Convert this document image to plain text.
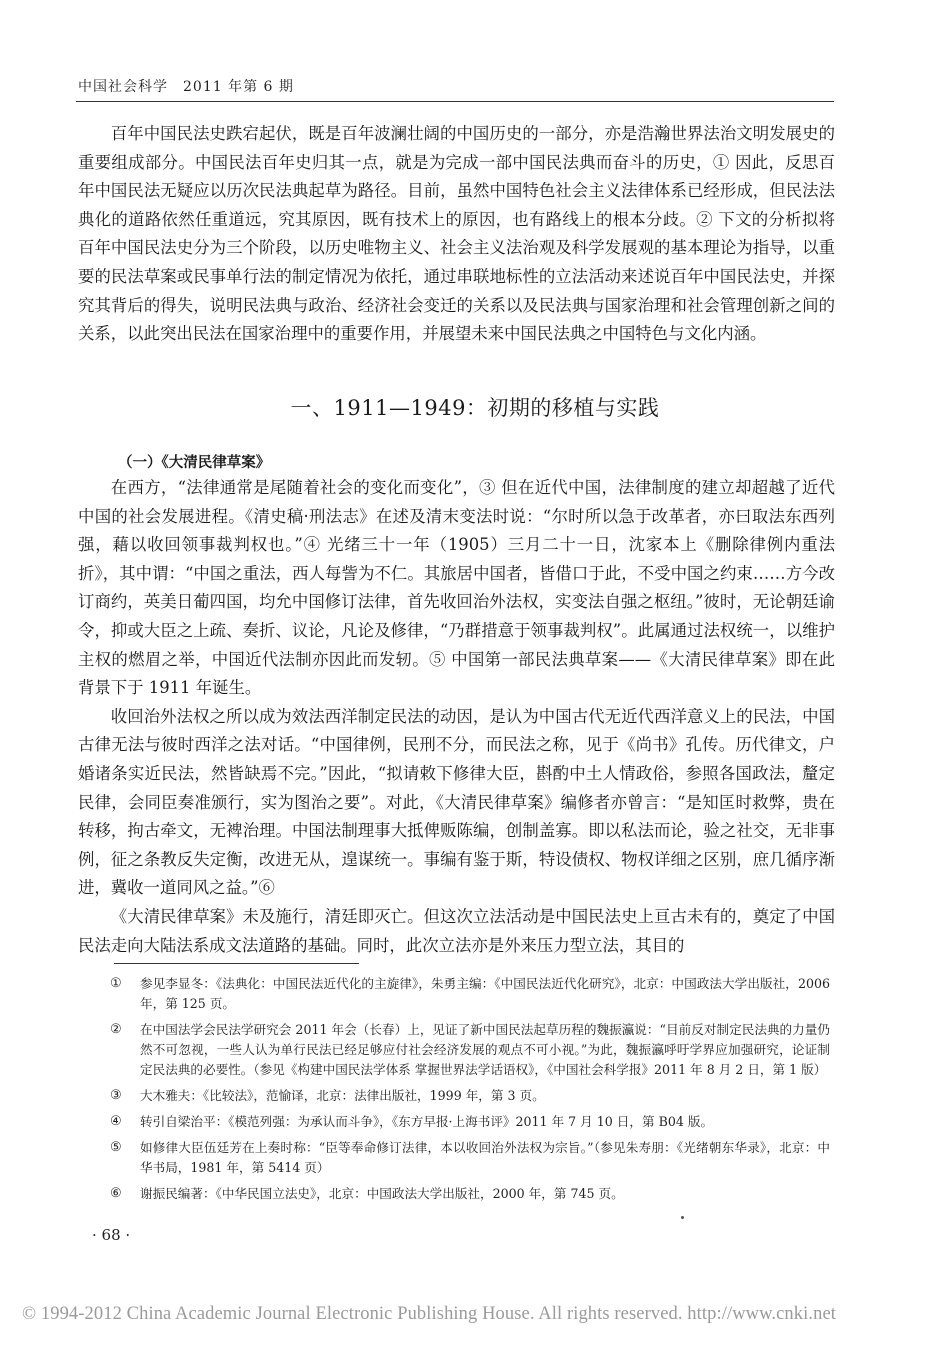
中国社会科学　2011 年第 6 期

百年中国民法史跌宕起伏，既是百年波澜壮阔的中国历史的一部分，亦是浩瀚世界法治文明发展史的重要组成部分。中国民法百年史归其一点，就是为完成一部中国民法典而奋斗的历史，① 因此，反思百年中国民法无疑应以历次民法典起草为路径。目前，虽然中国特色社会主义法律体系已经形成，但民法法典化的道路依然任重道远，究其原因，既有技术上的原因，也有路线上的根本分歧。② 下文的分析拟将百年中国民法史分为三个阶段，以历史唯物主义、社会主义法治观及科学发展观的基本理论为指导，以重要的民法草案或民事单行法的制定情况为依托，通过串联地标性的立法活动来述说百年中国民法史，并探究其背后的得失，说明民法典与政治、经济社会变迁的关系以及民法典与国家治理和社会管理创新之间的关系，以此突出民法在国家治理中的重要作用，并展望未来中国民法典之中国特色与文化内涵。

一、1911—1949：初期的移植与实践
（一）《大清民律草案》

在西方，“法律通常是尾随着社会的变化而变化”，③ 但在近代中国，法律制度的建立却超越了近代中国的社会发展进程。《清史稿·刑法志》在述及清末变法时说：“尔时所以急于改革者，亦曰取法东西列强，藉以收回领事裁判权也。”④ 光绪三十一年（1905）三月二十一日，沈家本上《删除律例内重法折》，其中谓：“中国之重法，西人每訾为不仁。其旅居中国者，皆借口于此，不受中国之约束……方今改订商约，英美日葡四国，均允中国修订法律，首先收回治外法权，实变法自强之枢纽。”彼时，无论朝廷谕令，抑或大臣之上疏、奏折、议论，凡论及修律，“乃群措意于领事裁判权”。此属通过法权统一，以维护主权的燃眉之举，中国近代法制亦因此而发轫。⑤ 中国第一部民法典草案——《大清民律草案》即在此背景下于 1911 年诞生。

收回治外法权之所以成为效法西洋制定民法的动因，是认为中国古代无近代西洋意义上的民法，中国古律无法与彼时西洋之法对话。“中国律例，民刑不分，而民法之称，见于《尚书》孔传。历代律文，户婚诸条实近民法，然皆缺焉不完。”因此，“拟请敕下修律大臣，斟酌中土人情政俗，参照各国政法，釐定民律，会同臣奏准颁行，实为图治之要”。对此，《大清民律草案》编修者亦曾言：“是知匡时救弊，贵在转移，拘古牵文，无裨治理。中国法制理事大抵俾贩陈编，创制盖寡。即以私法而论，验之社交，无非事例，征之条教反失定衡，改进无从，遑谋统一。事编有鉴于斯，特设债权、物权详细之区别，庶几循序渐进，冀收一道同风之益。”⑥

《大清民律草案》未及施行，清廷即灭亡。但这次立法活动是中国民法史上亘古未有的，奠定了中国民法走向大陆法系成文法道路的基础。同时，此次立法亦是外来压力型立法，其目的

①	参见李显冬：《法典化：中国民法近代化的主旋律》，朱勇主编：《中国民法近代化研究》，北京：中国政法大学出版社，2006 年，第 125 页。
②	在中国法学会民法学研究会 2011 年会（长春）上，见证了新中国民法起草历程的魏振瀛说：“目前反对制定民法典的力量仍然不可忽视，一些人认为单行民法已经足够应付社会经济发展的观点不可小视。”为此，魏振瀛呼吁学界应加强研究，论证制定民法典的必要性。（参见《构建中国民法学体系 掌握世界法学话语权》，《中国社会科学报》2011 年 8 月 2 日，第 1 版）
③	大木雅夫：《比较法》，范愉译，北京：法律出版社，1999 年，第 3 页。
④	转引自梁治平：《模范列强：为承认而斗争》，《东方早报·上海书评》2011 年 7 月 10 日，第 B04 版。
⑤	如修律大臣伍廷芳在上奏时称：“臣等奉命修订法律，本以收回治外法权为宗旨。”（参见朱寿朋：《光绪朝东华录》，北京：中华书局，1981 年，第 5414 页）
⑥	谢振民编著：《中华民国立法史》，北京：中国政法大学出版社，2000 年，第 745 页。
· 68 ·
© 1994-2012 China Academic Journal Electronic Publishing House. All rights reserved. http://www.cnki.net
